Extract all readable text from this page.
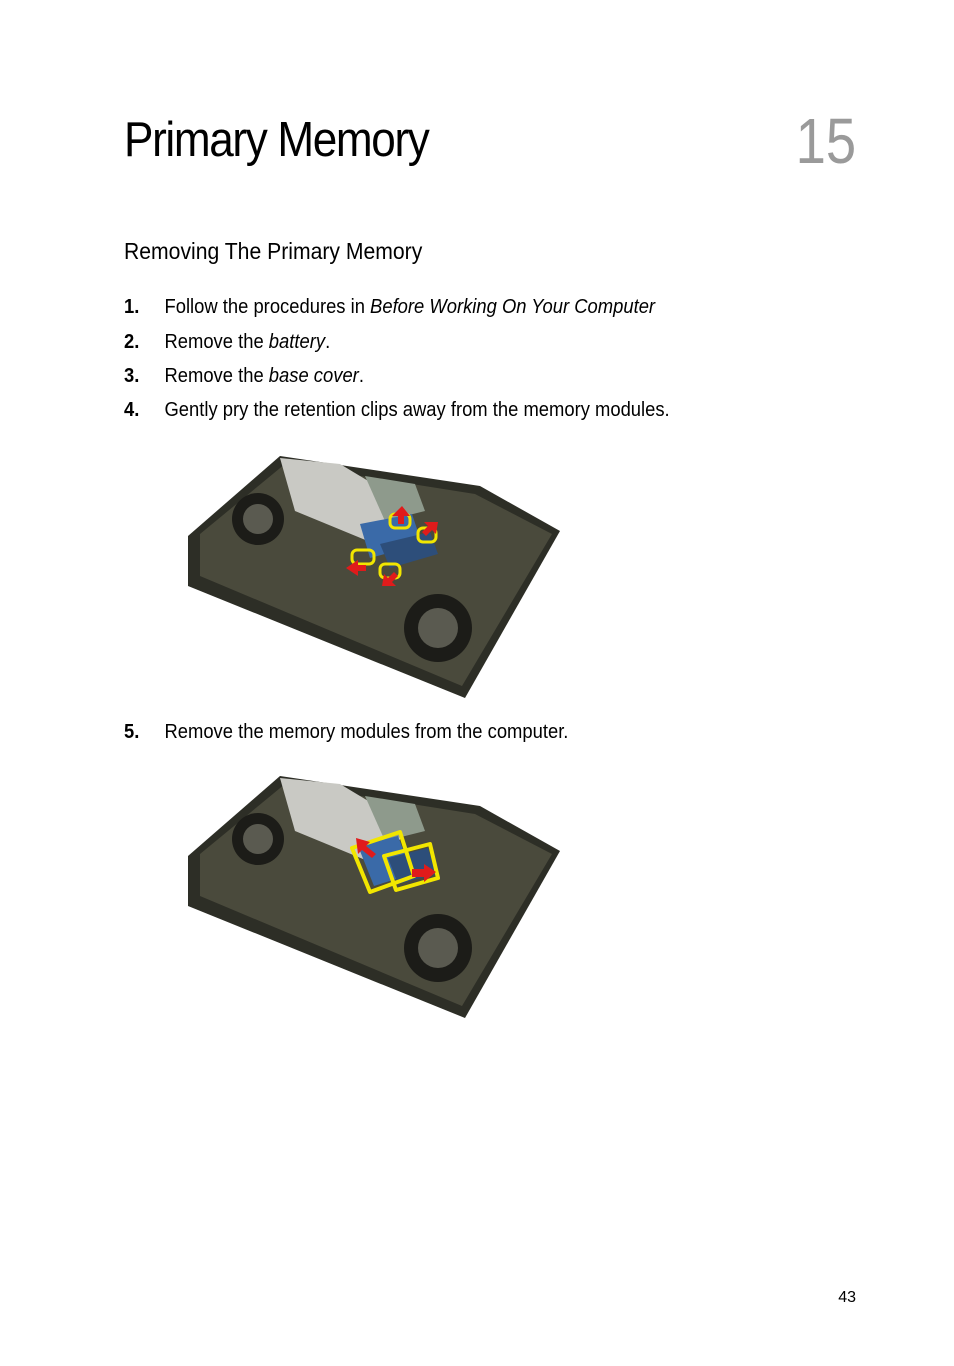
Primary Memory	15
Removing The Primary Memory
1. Follow the procedures in Before Working On Your Computer
2. Remove the battery.
3. Remove the base cover.
4. Gently pry the retention clips away from the memory modules.
5. Remove the memory modules from the computer.
43
